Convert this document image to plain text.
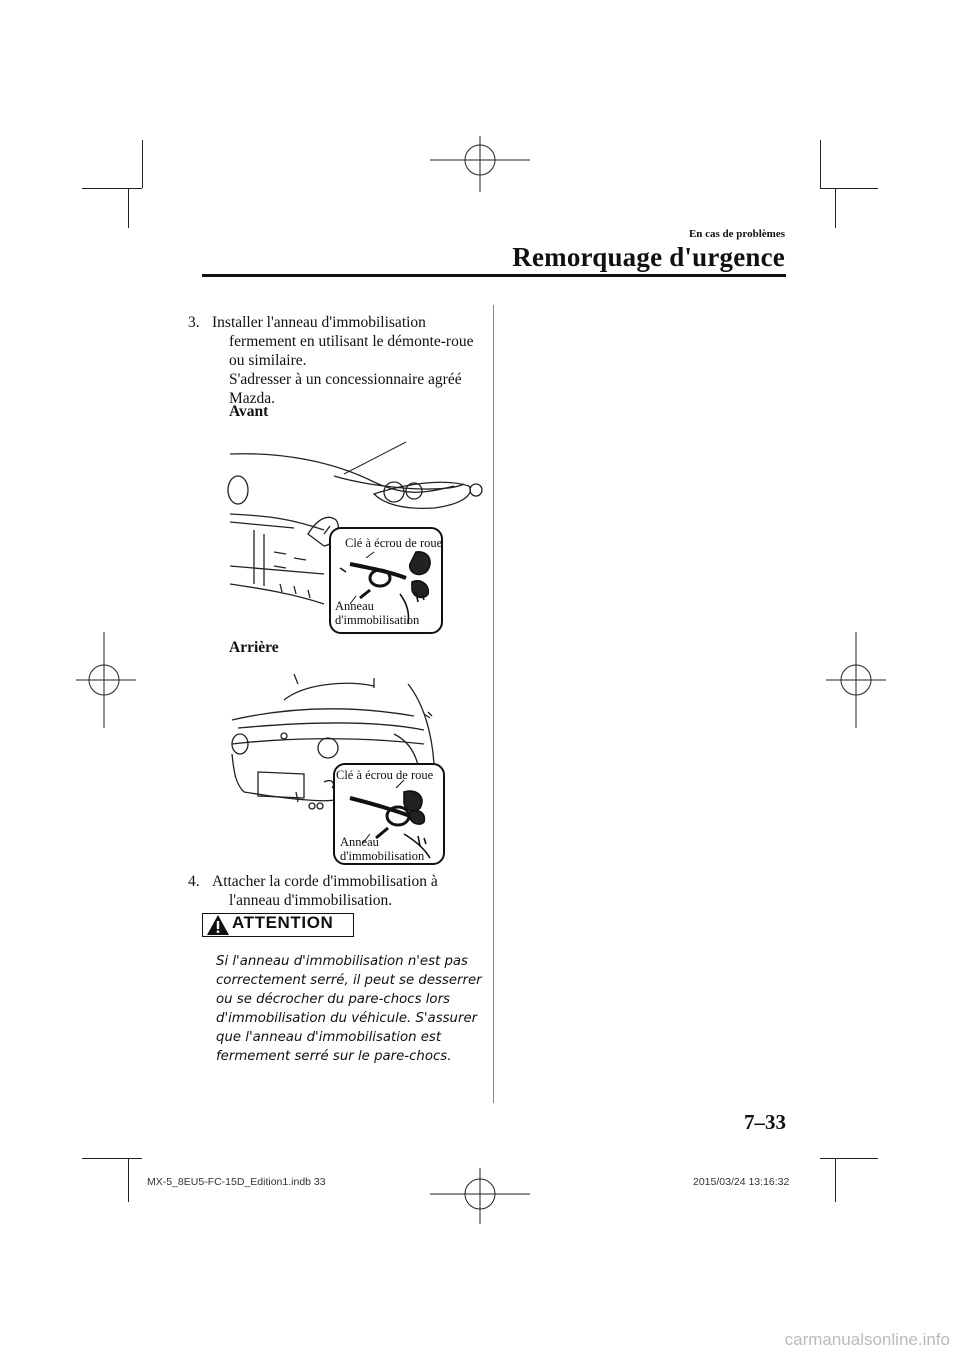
En cas de problèmes
Remorquage d'urgence
3. Installer l'anneau d'immobilisation
fermement en utilisant le démonte-roue
ou similaire.
S'adresser à un concessionnaire agréé
Mazda.
Avant
Clé à écrou de roue
Anneau
d'immobilisation
Arrière
Clé à écrou de roue
Anneau
d'immobilisation
4. Attacher la corde d'immobilisation à
l'anneau d'immobilisation.
ATTENTION
Si l'anneau d'immobilisation n'est pas
correctement serré, il peut se desserrer
ou se décrocher du pare-chocs lors
d'immobilisation du véhicule. S'assurer
que l'anneau d'immobilisation est
fermement serré sur le pare-chocs.
7–33
MX-5_8EU5-FC-15D_Edition1.indb 33	2015/03/24 13:16:32
carmanualsonline.info
